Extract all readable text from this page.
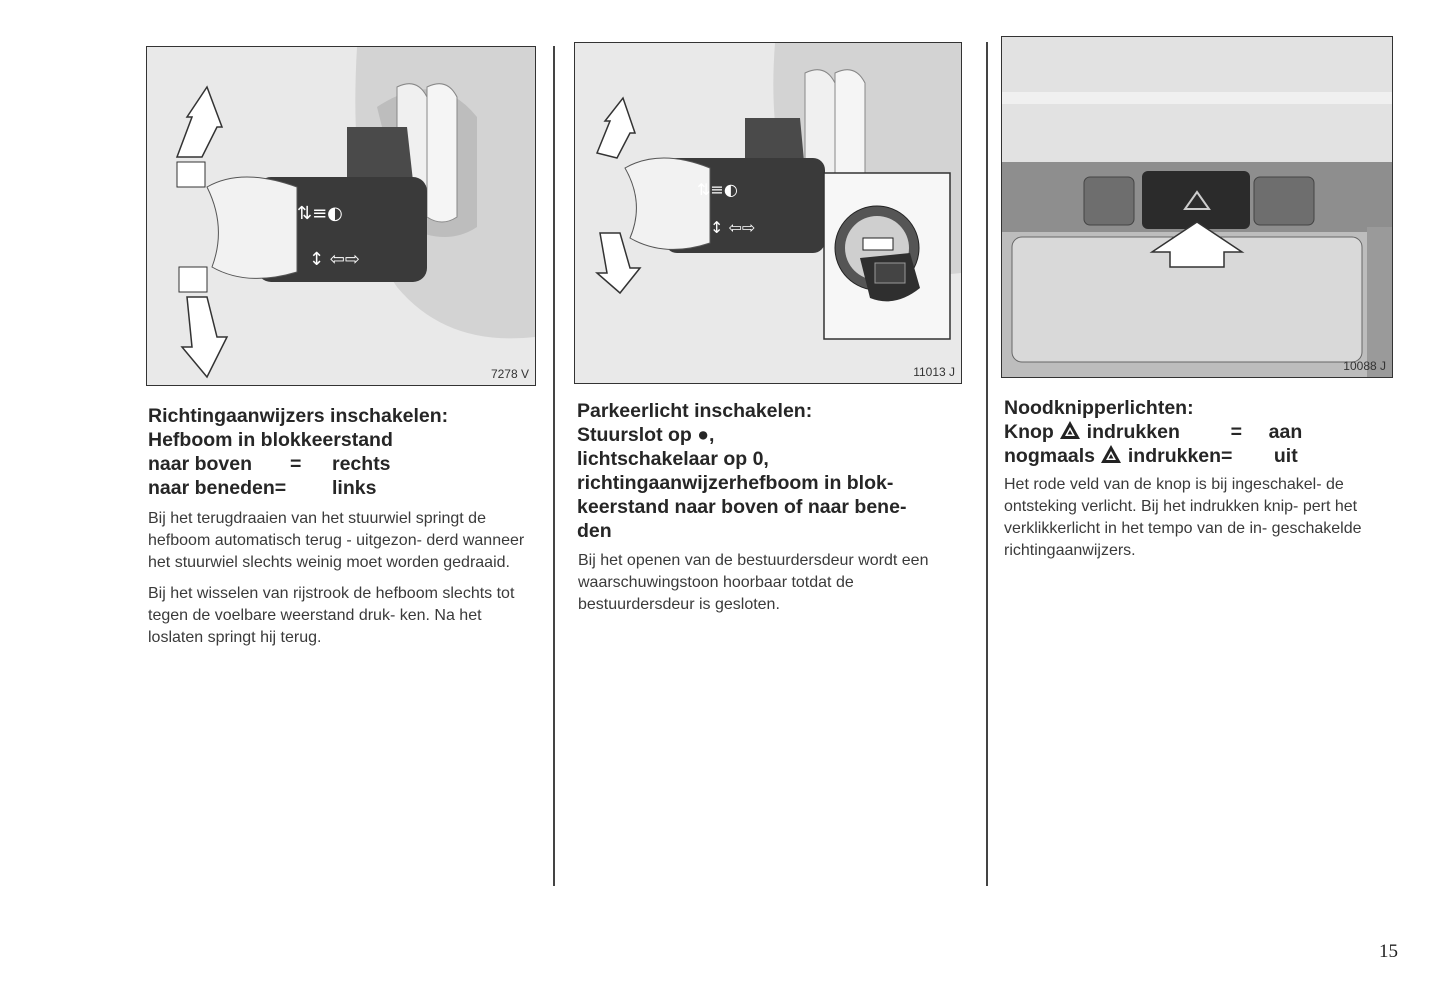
⇅≡◐
↕ ⇦⇨
7278 V
Richtingaanwijzers inschakelen:
Hefboom in blokkeerstand
naar boven = rechts
naar beneden= links

Bij het terugdraaien van het stuurwiel springt de hefboom automatisch terug - uitgezon- derd wanneer het stuurwiel slechts weinig moet worden gedraaid.

Bij het wisselen van rijstrook de hefboom slechts tot tegen de voelbare weerstand druk- ken. Na het loslaten springt hij terug.

⇅≡◐
↕ ⇦⇨
11013 J
Parkeerlicht inschakelen:
Stuurslot op ●,
lichtschakelaar op 0,
richtingaanwijzerhefboom in blok-
keerstand naar boven of naar bene-
den

Bij het openen van de bestuurdersdeur wordt een waarschuwingstoon hoorbaar totdat de bestuurdersdeur is gesloten.

10088 J
Noodknipperlichten:
Knop indrukken	= aan
nogmaals indrukken= uit

Het rode veld van de knop is bij ingeschakel- de ontsteking verlicht. Bij het indrukken knip- pert het verklikkerlicht in het tempo van de in- geschakelde richtingaanwijzers.

15
